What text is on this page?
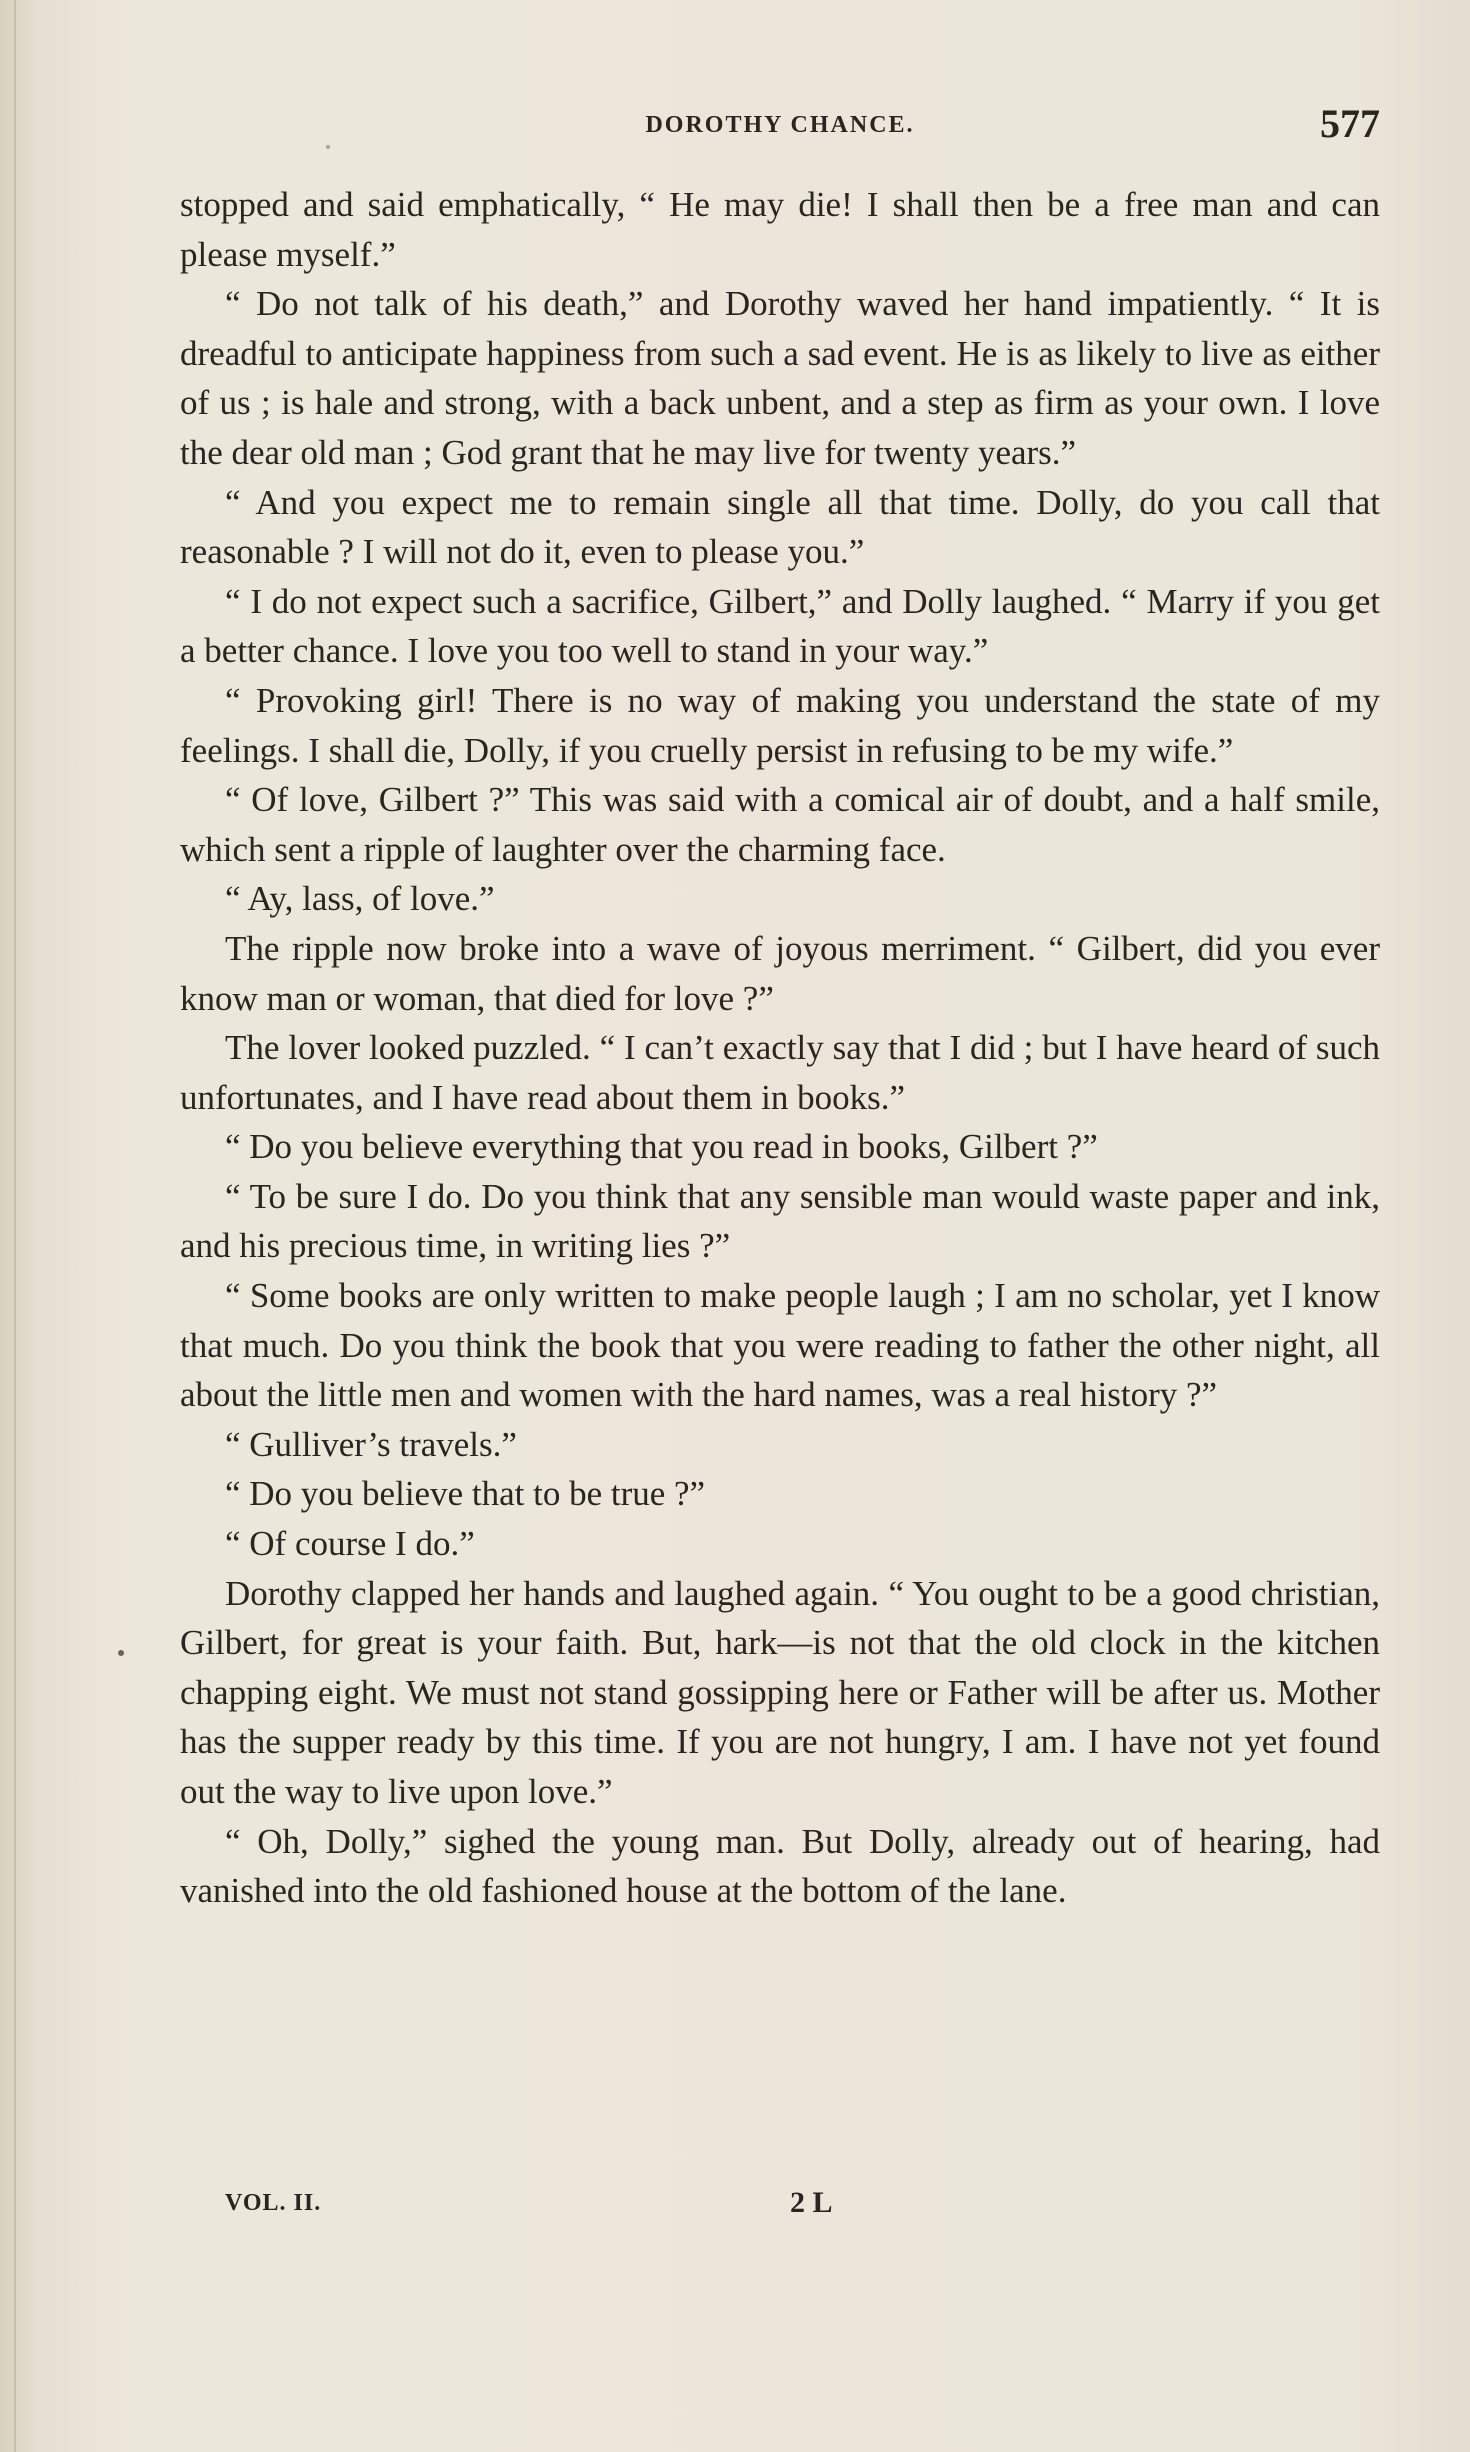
DOROTHY CHANCE.	577

stopped and said emphatically, “ He may die! I shall then be a free man and can please myself.”

“ Do not talk of his death,” and Dorothy waved her hand impatiently. “ It is dreadful to anticipate happiness from such a sad event. He is as likely to live as either of us ; is hale and strong, with a back unbent, and a step as firm as your own. I love the dear old man ; God grant that he may live for twenty years.”

“ And you expect me to remain single all that time. Dolly, do you call that reasonable ? I will not do it, even to please you.”

“ I do not expect such a sacrifice, Gilbert,” and Dolly laughed. “ Marry if you get a better chance. I love you too well to stand in your way.”

“ Provoking girl! There is no way of making you understand the state of my feelings. I shall die, Dolly, if you cruelly persist in refusing to be my wife.”

“ Of love, Gilbert ?” This was said with a comical air of doubt, and a half smile, which sent a ripple of laughter over the charming face.

“ Ay, lass, of love.”

The ripple now broke into a wave of joyous merriment. “ Gilbert, did you ever know man or woman, that died for love ?”

The lover looked puzzled. “ I can’t exactly say that I did ; but I have heard of such unfortunates, and I have read about them in books.”

“ Do you believe everything that you read in books, Gilbert ?”

“ To be sure I do. Do you think that any sensible man would waste paper and ink, and his precious time, in writing lies ?”

“ Some books are only written to make people laugh ; I am no scholar, yet I know that much. Do you think the book that you were reading to father the other night, all about the little men and women with the hard names, was a real history ?”

“ Gulliver’s travels.”

“ Do you believe that to be true ?”

“ Of course I do.”

Dorothy clapped her hands and laughed again. “ You ought to be a good christian, Gilbert, for great is your faith. But, hark—is not that the old clock in the kitchen chapping eight. We must not stand gossipping here or Father will be after us. Mother has the supper ready by this time. If you are not hungry, I am. I have not yet found out the way to live upon love.”

“ Oh, Dolly,” sighed the young man. But Dolly, already out of hearing, had vanished into the old fashioned house at the bottom of the lane.

VOL. II.	2 L
